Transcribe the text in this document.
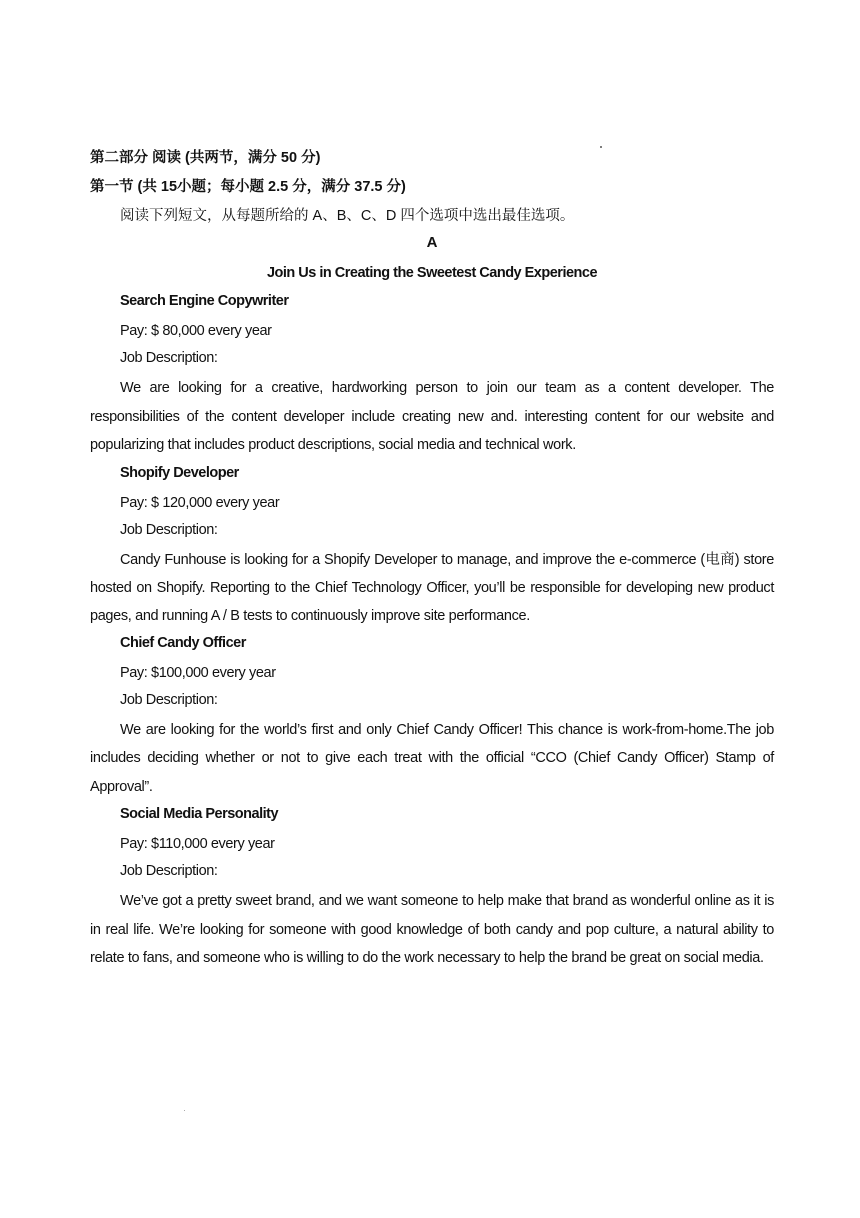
第二部分 阅读 (共两节，满分 50 分)

第一节 (共 15小题；每小题 2.5 分，满分 37.5 分)

阅读下列短文，从每题所给的 A、B、C、D 四个选项中选出最佳选项。

A

Join Us in Creating the Sweetest Candy Experience

Search Engine Copywriter

Pay: $ 80,000 every year

Job Description:

We are looking for a creative, hardworking person to join our team as a content developer. The responsibilities of the content developer include creating new and. interesting content for our website and popularizing that includes product descriptions, social media and technical work.

Shopify Developer

Pay: $ 120,000 every year

Job Description:

Candy Funhouse is looking for a Shopify Developer to manage, and improve the e-commerce (电商) store hosted on Shopify. Reporting to the Chief Technology Officer, you’ll be responsible for developing new product pages, and running A / B tests to continuously improve site performance.

Chief Candy Officer

Pay: $100,000 every year

Job Description:

We are looking for the world’s first and only Chief Candy Officer! This chance is work-from-home.The job includes deciding whether or not to give each treat with the official “CCO (Chief Candy Officer) Stamp of Approval”.

Social Media Personality

Pay: $110,000 every year

Job Description:

We’ve got a pretty sweet brand, and we want someone to help make that brand as wonderful online as it is in real life. We’re looking for someone with good knowledge of both candy and pop culture, a natural ability to relate to fans, and someone who is willing to do the work necessary to help the brand be great on social media.
